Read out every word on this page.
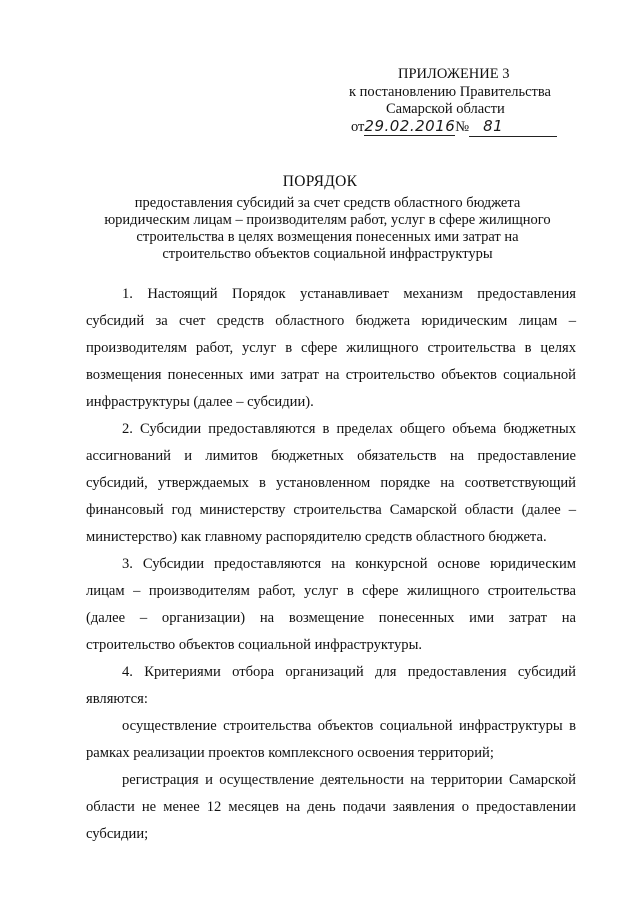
ПРИЛОЖЕНИЕ 3
к постановлению Правительства
Самарской области
от29.02.2016№ 81
ПОРЯДОК
предоставления субсидий за счет средств областного бюджета юридическим лицам – производителям работ, услуг в сфере жилищного строительства в целях возмещения понесенных ими затрат на строительство объектов социальной инфраструктуры

1. Настоящий Порядок устанавливает механизм предоставления субсидий за счет средств областного бюджета юридическим лицам – производителям работ, услуг в сфере жилищного строительства в целях возмещения понесенных ими затрат на строительство объектов социальной инфраструктуры (далее – субсидии).

2. Субсидии предоставляются в пределах общего объема бюджетных ассигнований и лимитов бюджетных обязательств на предоставление субсидий, утверждаемых в установленном порядке на соответствующий финансовый год министерству строительства Самарской области (далее – министерство) как главному распорядителю средств областного бюджета.

3. Субсидии предоставляются на конкурсной основе юридическим лицам – производителям работ, услуг в сфере жилищного строительства (далее – организации) на возмещение понесенных ими затрат на строительство объектов социальной инфраструктуры.

4. Критериями отбора организаций для предоставления субсидий являются:

осуществление строительства объектов социальной инфраструктуры в рамках реализации проектов комплексного освоения территорий;

регистрация и осуществление деятельности на территории Самарской области не менее 12 месяцев на день подачи заявления о предоставлении субсидии;
